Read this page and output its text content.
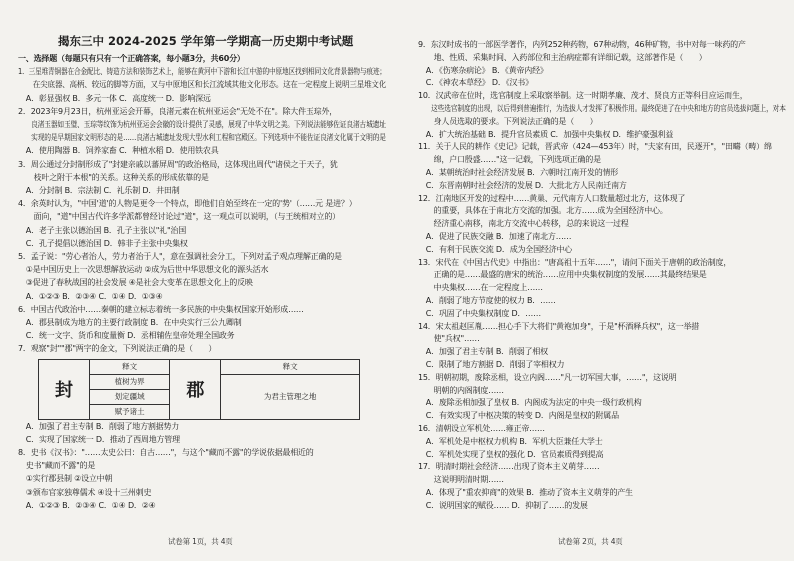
揭东三中 2024-2025 学年第一学期高一历史期中考试题
一、选择题（每题只有只有一个正确答案，每小题3分，共60分）
1．三星堆青铜器在合金配比、铸造方法和装饰艺术上，能够在黄河中下游和长江中游的中原地区找到相同文化背景器物与痕迹；
　　在尖底器、高柄、较远的脚等方面，又与中原地区和长江流域其他文化形态。这在一定程度上说明三星堆文化
　A．彰显强权 B．多元一体 C．高度统一 D．影响深远
2．2023年9月23日，杭州亚运会开幕，良渚元素在杭州亚运会"无处不在"。除大件玉琮外，
　　良渚玉器如玉璧、玉琮等纹饰为杭州亚运会会徽的设计提供了灵感，展现了中华文明之美。下列说法能够佐证良渚古城遗址
　　实现的是早期国家文明形态的是……良渚古城遗址发现大型水利工程和宫殿区。下列选项中不能佐证良渚文化属于文明的是
　A．使用陶器 B．饲养家畜 C．种植水稻 D．使用铁农具
3．周公通过分封制形成了"封建亲戚以蕃屏周"的政治格局，这体现出周代"诸侯之于天子，犹
　　枝叶之附于本根"的关系。这种关系的形成依靠的是
　A．分封制 B．宗法制 C．礼乐制 D．井田制
4．余英时认为，"中国'道'的人物是更令一个特点，即他们自始至终在一定的'势'（……元 是进？）
　　面向，"道"中国古代许多学派都曾经讨论过"道"，这一观点可以说明，（与王统相对立的）
　A．老子主张以德治国 B．孔子主张以"礼"治国
　C．孔子提倡以德治国 D．韩非子主张中央集权
5．孟子说："劳心者治人，劳力者治于人"，意在强调社会分工，下列对孟子观点理解正确的是
　①是中国历史上一次思想解放运动 ②成为后世中华思想文化的源头活水
　③促进了春秋战国的社会发展 ④是社会大变革在思想文化上的反映
　A．①②③ B．②③④ C．①④ D．①③④
6．中国古代政治中……秦朝的建立标志着统一多民族的中央集权国家开始形成……
　A．郡县制成为地方的主要行政制度 B．在中央实行三公九卿制
　C．统一文字、货币和度量衡 D．丞相辅佐皇帝处理全国政务
7．观察"封""郡"两字的金文，下列说法正确的是（　　）
封	释文	郡	释文
	植树为界		为君主管理之地
	划定疆域		
	赋予诸土		
　A．加强了君主专制 B．削弱了地方割据势力
　C．实现了国家统一 D．推动了西周地方管理
8．史书《汉书》："……太史公曰：自古……"，与这个"藏而不露"的学说依据最相近的
　史书"藏而不露"的是
　①实行郡县制 ②设立中朝
　③颁布官家独尊儒术 ④设十三州刺史
　A．①②③ B．②③④ C．①④ D．②④
试卷第 1页，共 4页
9．东汉时成书的一部医学著作，内列252种药物，67种动物，46种矿物，书中对每一味药的产
　　地、性质、采集时间、入药部位和主治病症都有详细记载，这部著作是（　　）
　A．《伤寒杂病论》 B．《黄帝内经》
　C．《神农本草经》 D．《汉书》
10．汉武帝在位时，选官制度上采取察举制。这一时期孝廉、茂才、贤良方正等科目应运而生，
　　这些选官制度的出现，以后得到普遍推行，为选拔人才发挥了积极作用。最终促进了在中央和地方的官员选拔问题上，对本
　　身人员选取的要求。下列说法正确的是（　　）
　A．扩大统治基础 B．提升官员素质 C．加强中央集权 D．维护豪强利益
11．关于人民的耕作《史记》记载，晋武帝（424—453年）时，"夫家有田，民逐开"，"田疇（畴）绵
　　绵，户口殷盛……"这一记载，下列选项正确的是
　A．某朝统治时社会经济发展 B．六朝时江南开发的情形
　C．东晋南朝时社会经济的发展 D．大批北方人民南迁南方
12．江南地区开发的过程中……黄巢、元代南方人口数量超过北方，这体现了
　　的重要，具体在于南北方交流的加强。北方……成为全国经济中心。
　　经济重心南移，南北方交流中心转移，总的来说这一过程
　A．促进了民族交融 B．加速了南北方……
　C．有利于民族交流 D．成为全国经济中心
13．宋代在《中国古代史》中指出："唐高祖十五年……"，请问下面关于唐朝的政治制度，
　　正确的是……最盛的唐宋的统治……应用中央集权制度的发展……其最终结果是
　　中央集权……在一定程度上……
　A．削弱了地方节度使的权力 B．……
　C．巩固了中央集权制度 D．……
14．宋太祖赵匡胤……担心手下大将们"黄袍加身"，于是"杯酒释兵权"，这一举措
　　使"兵权"……
　A．加强了君主专制 B．削弱了相权
　C．限制了地方割据 D．削弱了宰相权力
15．明朝初期，废除丞相，设立内阁……"凡一切军国大事，……"，这说明
　　明朝的内阁制度……
　A．废除丞相加强了皇权 B．内阁成为法定的中央一级行政机构
　C．有效实现了中枢决策的转变 D．内阁是皇权的附属品
16．清朝设立军机处……雍正帝……
　A．军机处是中枢权力机构 B．军机大臣兼任大学士
　C．军机处实现了皇权的强化 D．官员素质得到提高
17．明清时期社会经济……出现了资本主义萌芽……
　　这说明明清时期……
　A．体现了"重农抑商"的效果 B．推动了资本主义萌芽的产生
　C．说明国家的赋役…… D．抑制了……的发展
试卷第 2页，共 4页
